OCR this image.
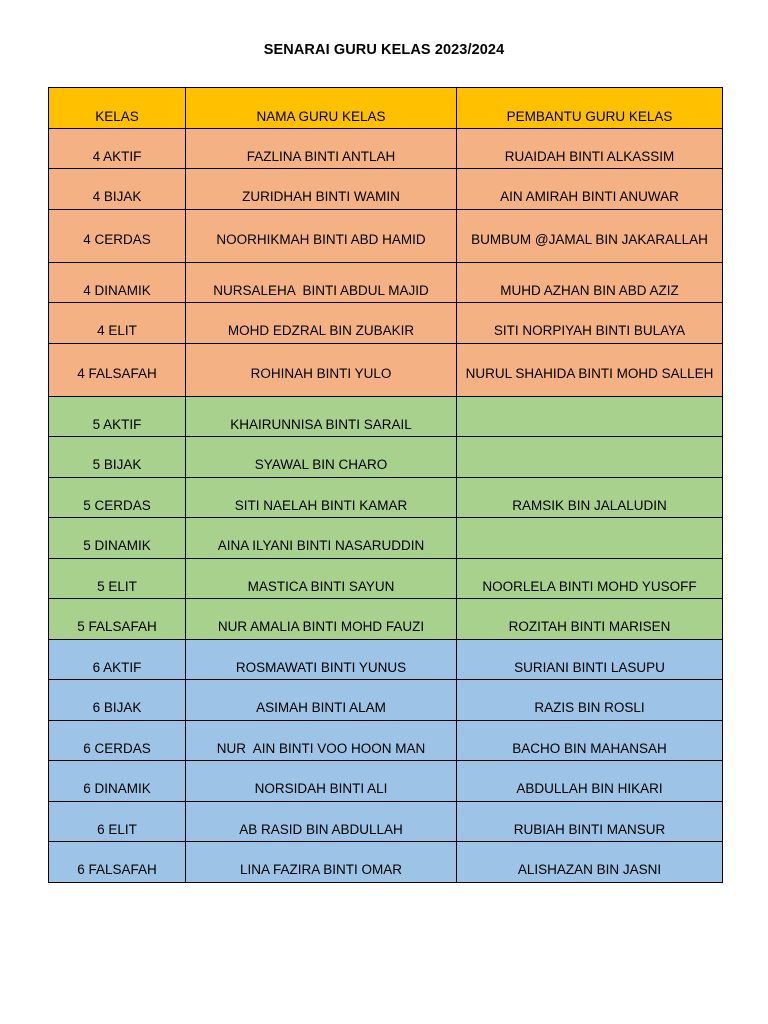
SENARAI GURU KELAS 2023/2024
KELAS	NAMA GURU KELAS	PEMBANTU GURU KELAS
4 AKTIF	FAZLINA BINTI ANTLAH	RUAIDAH BINTI ALKASSIM
4 BIJAK	ZURIDHAH BINTI WAMIN	AIN AMIRAH BINTI ANUWAR
4 CERDAS	NOORHIKMAH BINTI ABD HAMID	BUMBUM @JAMAL BIN JAKARALLAH
4 DINAMIK	NURSALEHA  BINTI ABDUL MAJID	MUHD AZHAN BIN ABD AZIZ
4 ELIT	MOHD EDZRAL BIN ZUBAKIR	SITI NORPIYAH BINTI BULAYA
4 FALSAFAH	ROHINAH BINTI YULO	NURUL SHAHIDA BINTI MOHD SALLEH
5 AKTIF	KHAIRUNNISA BINTI SARAIL	
5 BIJAK	SYAWAL BIN CHARO	
5 CERDAS	SITI NAELAH BINTI KAMAR	RAMSIK BIN JALALUDIN
5 DINAMIK	AINA ILYANI BINTI NASARUDDIN	
5 ELIT	MASTICA BINTI SAYUN	NOORLELA BINTI MOHD YUSOFF
5 FALSAFAH	NUR AMALIA BINTI MOHD FAUZI	ROZITAH BINTI MARISEN
6 AKTIF	ROSMAWATI BINTI YUNUS	SURIANI BINTI LASUPU
6 BIJAK	ASIMAH BINTI ALAM	RAZIS BIN ROSLI
6 CERDAS	NUR  AIN BINTI VOO HOON MAN	BACHO BIN MAHANSAH
6 DINAMIK	NORSIDAH BINTI ALI	ABDULLAH BIN HIKARI
6 ELIT	AB RASID BIN ABDULLAH	RUBIAH BINTI MANSUR
6 FALSAFAH	LINA FAZIRA BINTI OMAR	ALISHAZAN BIN JASNI
